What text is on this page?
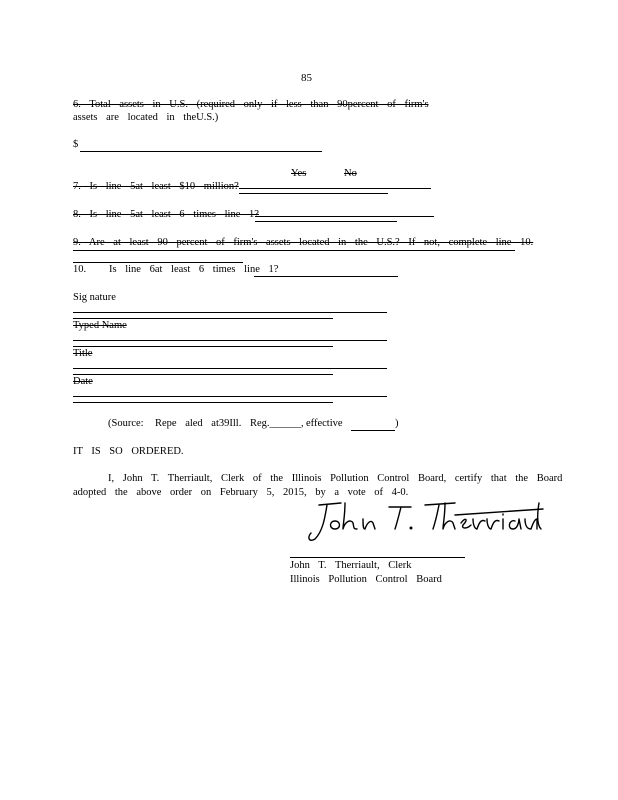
85
6. Total assets in U.S. (required only if less than 90percent of firm's
assets are located in theU.S.)
$
Yes	No
7. Is line 5at least $10 million?
8. Is line 5at least 6 times line 1?
9. Are at least 90 percent of firm's assets located in the U.S.? If not, complete line 10.
10. Is line 6at least 6 times line 1?
Sig nature
Typed Name
Title
Date
(Source: Repe aled at39Ill. Reg.______, effective	)
IT IS SO ORDERED.
I, John T. Therriault, Clerk of the Illinois Pollution Control Board, certify that the Board
adopted the above order on February 5, 2015, by a vote of 4-0.
John T. Therriault, Clerk
Illinois Pollution Control Board
